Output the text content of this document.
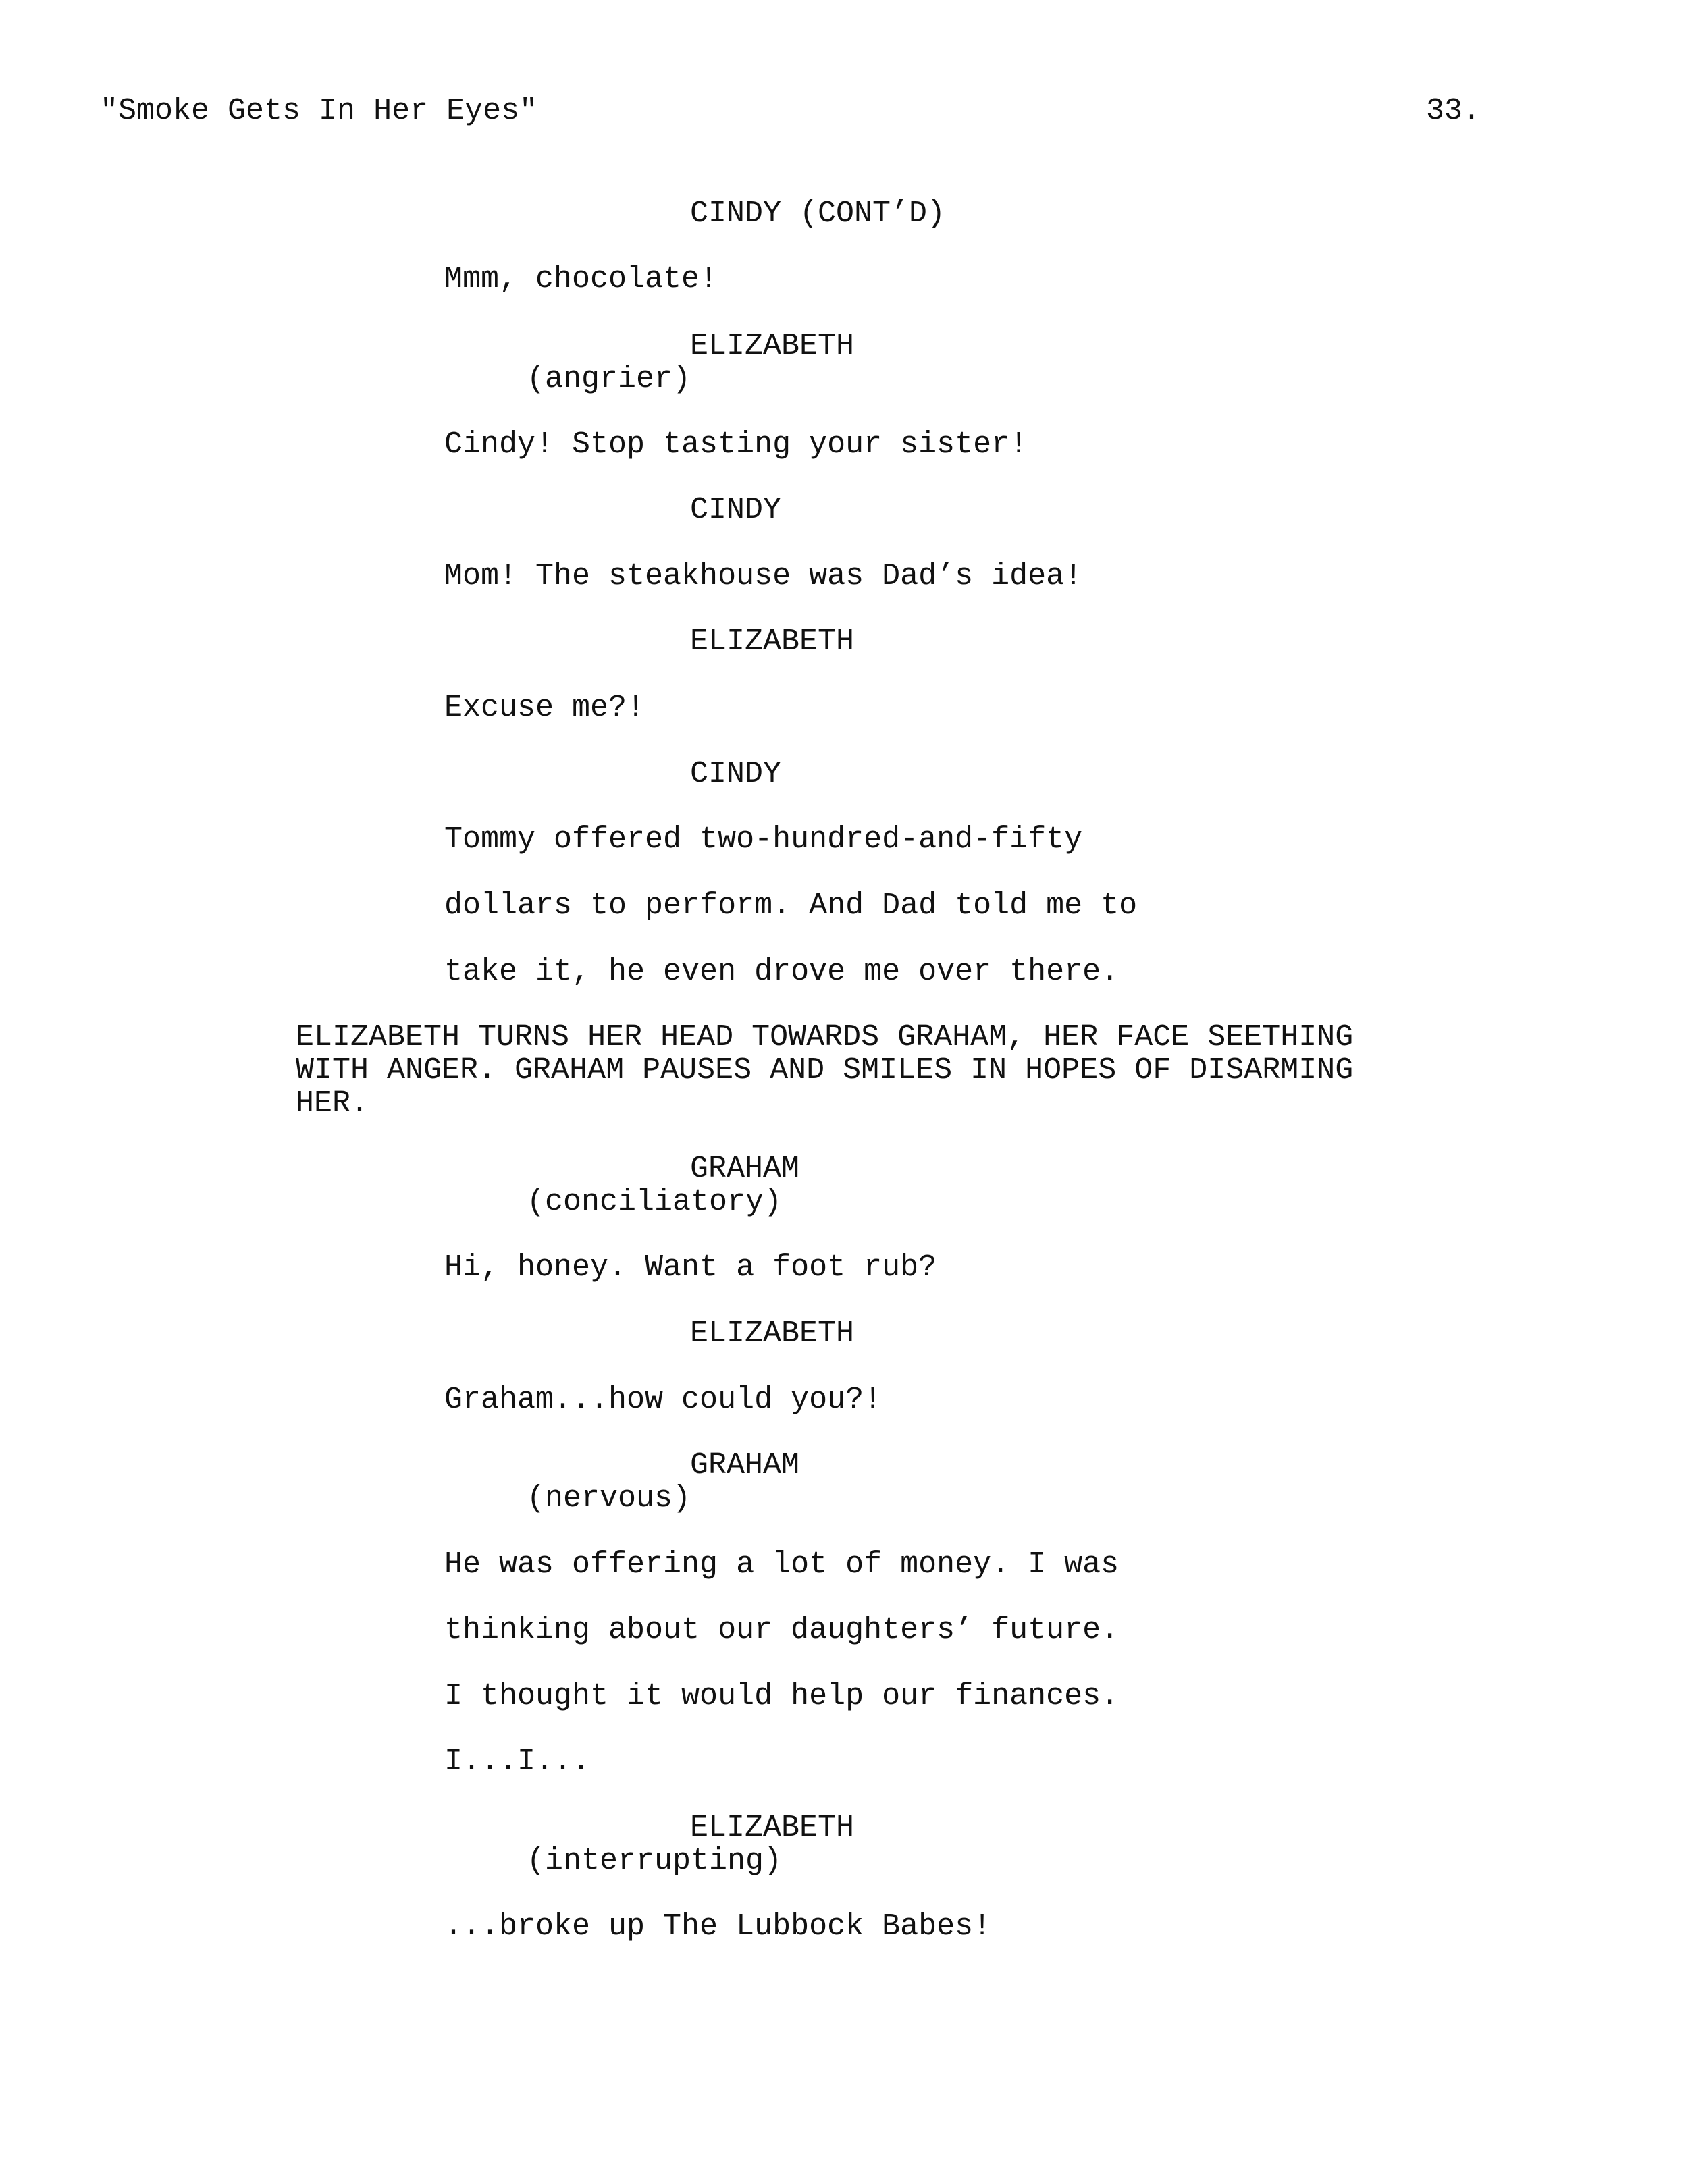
"Smoke Gets In Her Eyes"	33.

CINDY (CONT’D)

Mmm, chocolate!

ELIZABETH

(angrier)

Cindy! Stop tasting your sister!

CINDY

Mom! The steakhouse was Dad’s idea!

ELIZABETH

Excuse me?!

CINDY

Tommy offered two-hundred-and-fifty

dollars to perform. And Dad told me to

take it, he even drove me over there.

ELIZABETH TURNS HER HEAD TOWARDS GRAHAM, HER FACE SEETHING

WITH ANGER. GRAHAM PAUSES AND SMILES IN HOPES OF DISARMING

HER.

GRAHAM

(conciliatory)

Hi, honey. Want a foot rub?

ELIZABETH

Graham...how could you?!

GRAHAM

(nervous)

He was offering a lot of money. I was

thinking about our daughters’ future.

I thought it would help our finances.

I...I...

ELIZABETH

(interrupting)

...broke up The Lubbock Babes!
